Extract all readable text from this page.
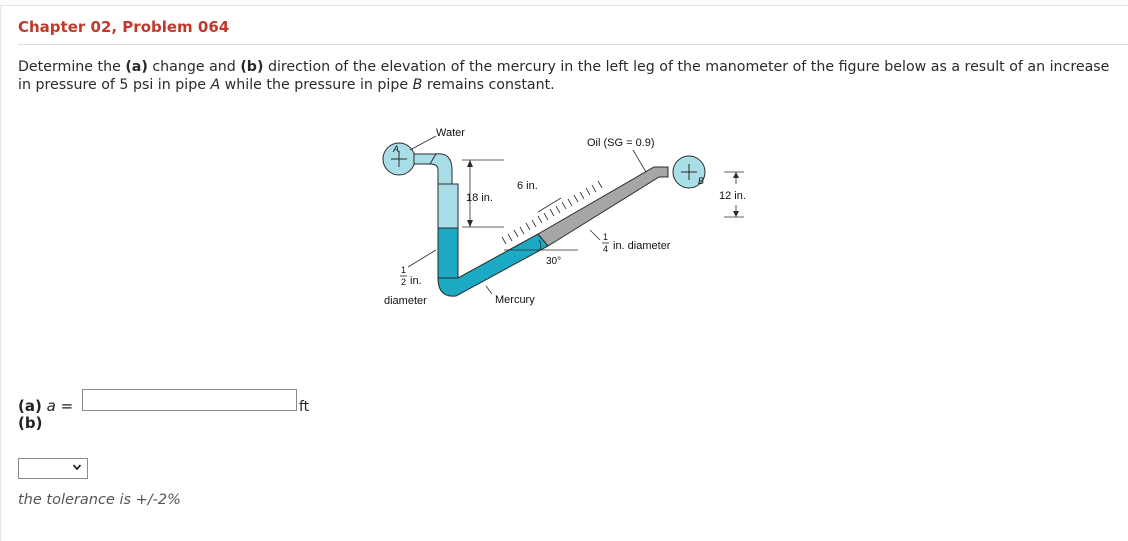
Chapter 02, Problem 064
Determine the (a) change and (b) direction of the elevation of the mercury in the left leg of the manometer of the figure below as a result of an increase in pressure of 5 psi in pipe A while the pressure in pipe B remains constant.
A
B
Water
Oil (SG = 0.9)
18 in.
6 in.
30°
1
4 in. diameter
1
2 in.
diameter	Mercury
12 in.
(a) a =	ft
(b)
the tolerance is +/-2%
